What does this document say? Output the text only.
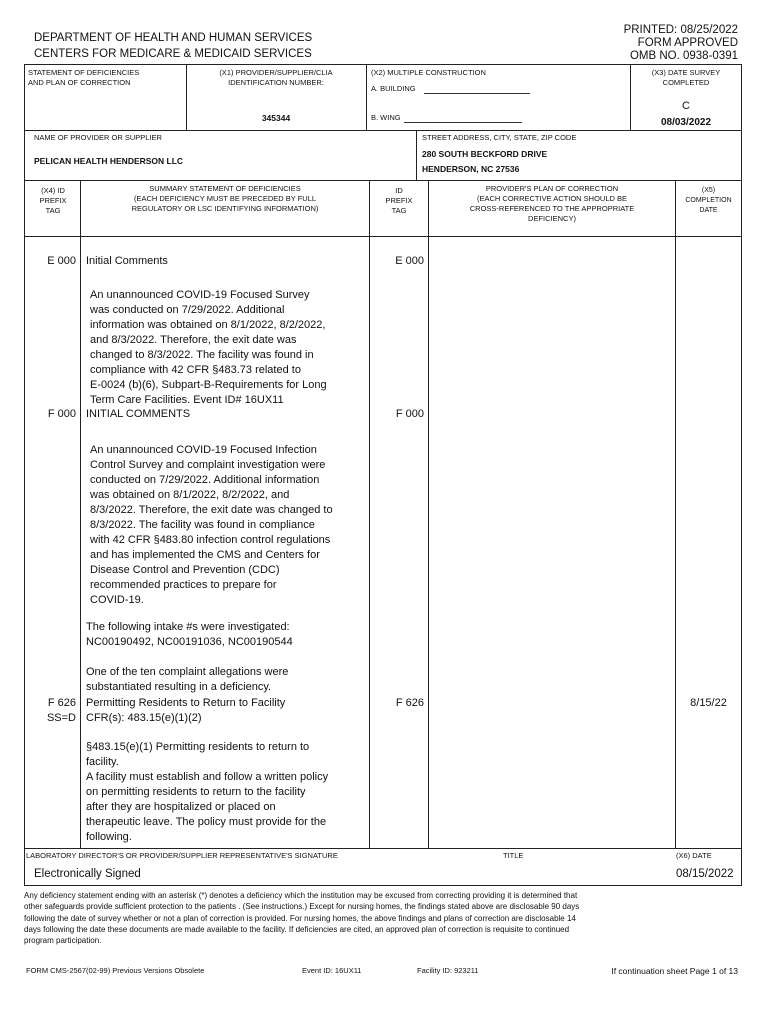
DEPARTMENT OF HEALTH AND HUMAN SERVICES
CENTERS FOR MEDICARE & MEDICAID SERVICES
PRINTED: 08/25/2022
FORM APPROVED
OMB NO. 0938-0391
STATEMENT OF DEFICIENCIES
AND PLAN OF CORRECTION
(X1) PROVIDER/SUPPLIER/CLIA
IDENTIFICATION NUMBER:
345344
(X2) MULTIPLE CONSTRUCTION
A. BUILDING
B. WING
(X3) DATE SURVEY
COMPLETED
C
08/03/2022
NAME OF PROVIDER OR SUPPLIER
PELICAN HEALTH HENDERSON LLC
STREET ADDRESS, CITY, STATE, ZIP CODE
280 SOUTH BECKFORD DRIVE
HENDERSON, NC 27536
(X4) ID
PREFIX
TAG
SUMMARY STATEMENT OF DEFICIENCIES
(EACH DEFICIENCY MUST BE PRECEDED BY FULL
REGULATORY OR LSC IDENTIFYING INFORMATION)
ID
PREFIX
TAG
PROVIDER'S PLAN OF CORRECTION
(EACH CORRECTIVE ACTION SHOULD BE
CROSS-REFERENCED TO THE APPROPRIATE
DEFICIENCY)
(X5)
COMPLETION
DATE
E 000 Initial Comments	E 000
An unannounced COVID-19 Focused Survey
was conducted on 7/29/2022. Additional
information was obtained on 8/1/2022, 8/2/2022,
and 8/3/2022. Therefore, the exit date was
changed to 8/3/2022. The facility was found in
compliance with 42 CFR §483.73 related to
E-0024 (b)(6), Subpart-B-Requirements for Long
Term Care Facilities. Event ID# 16UX11
F 000 INITIAL COMMENTS	F 000
An unannounced COVID-19 Focused Infection
Control Survey and complaint investigation were
conducted on 7/29/2022. Additional information
was obtained on 8/1/2022, 8/2/2022, and
8/3/2022. Therefore, the exit date was changed to
8/3/2022. The facility was found in compliance
with 42 CFR §483.80 infection control regulations
and has implemented the CMS and Centers for
Disease Control and Prevention (CDC)
recommended practices to prepare for
COVID-19.
The following intake #s were investigated:
NC00190492, NC00191036, NC00190544
One of the ten complaint allegations were
substantiated resulting in a deficiency.
F 626
SS=D
Permitting Residents to Return to Facility
CFR(s): 483.15(e)(1)(2)
F 626	8/15/22
§483.15(e)(1) Permitting residents to return to
facility.
A facility must establish and follow a written policy
on permitting residents to return to the facility
after they are hospitalized or placed on
therapeutic leave. The policy must provide for the
following.
LABORATORY DIRECTOR'S OR PROVIDER/SUPPLIER REPRESENTATIVE'S SIGNATURE
Electronically Signed
TITLE	(X6) DATE
08/15/2022
Any deficiency statement ending with an asterisk (*) denotes a deficiency which the institution may be excused from correcting providing it is determined that
other safeguards provide sufficient protection to the patients . (See instructions.) Except for nursing homes, the findings stated above are disclosable 90 days
following the date of survey whether or not a plan of correction is provided. For nursing homes, the above findings and plans of correction are disclosable 14
days following the date these documents are made available to the facility. If deficiencies are cited, an approved plan of correction is requisite to continued
program participation.
FORM CMS-2567(02-99) Previous Versions Obsolete	Event ID: 16UX11	Facility ID: 923211	If continuation sheet Page 1 of 13
